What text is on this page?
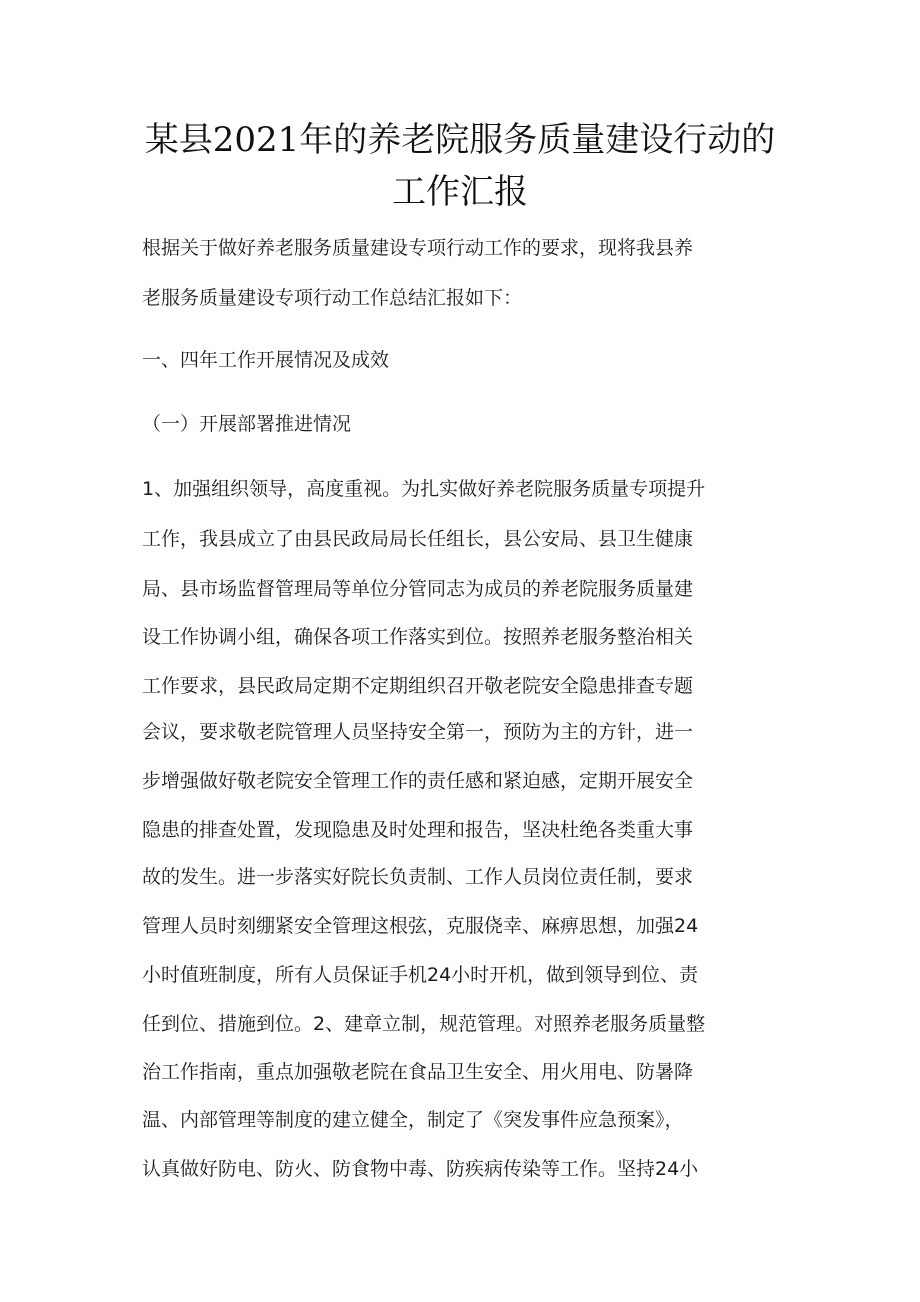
某县2021年的养老院服务质量建设行动的
工作汇报
根据关于做好养老服务质量建设专项行动工作的要求，现将我县养
老服务质量建设专项行动工作总结汇报如下：
一、四年工作开展情况及成效
（一）开展部署推进情况
1、加强组织领导，高度重视。为扎实做好养老院服务质量专项提升
工作，我县成立了由县民政局局长任组长，县公安局、县卫生健康
局、县市场监督管理局等单位分管同志为成员的养老院服务质量建
设工作协调小组，确保各项工作落实到位。按照养老服务整治相关
工作要求，县民政局定期不定期组织召开敬老院安全隐患排查专题
会议，要求敬老院管理人员坚持安全第一，预防为主的方针，进一
步增强做好敬老院安全管理工作的责任感和紧迫感，定期开展安全
隐患的排查处置，发现隐患及时处理和报告，坚决杜绝各类重大事
故的发生。进一步落实好院长负责制、工作人员岗位责任制，要求
管理人员时刻绷紧安全管理这根弦，克服侥幸、麻痹思想，加强24
小时值班制度，所有人员保证手机24小时开机，做到领导到位、责
任到位、措施到位。2、建章立制，规范管理。对照养老服务质量整
治工作指南，重点加强敬老院在食品卫生安全、用火用电、防暑降
温、内部管理等制度的建立健全，制定了《突发事件应急预案》，
认真做好防电、防火、防食物中毒、防疾病传染等工作。坚持24小
